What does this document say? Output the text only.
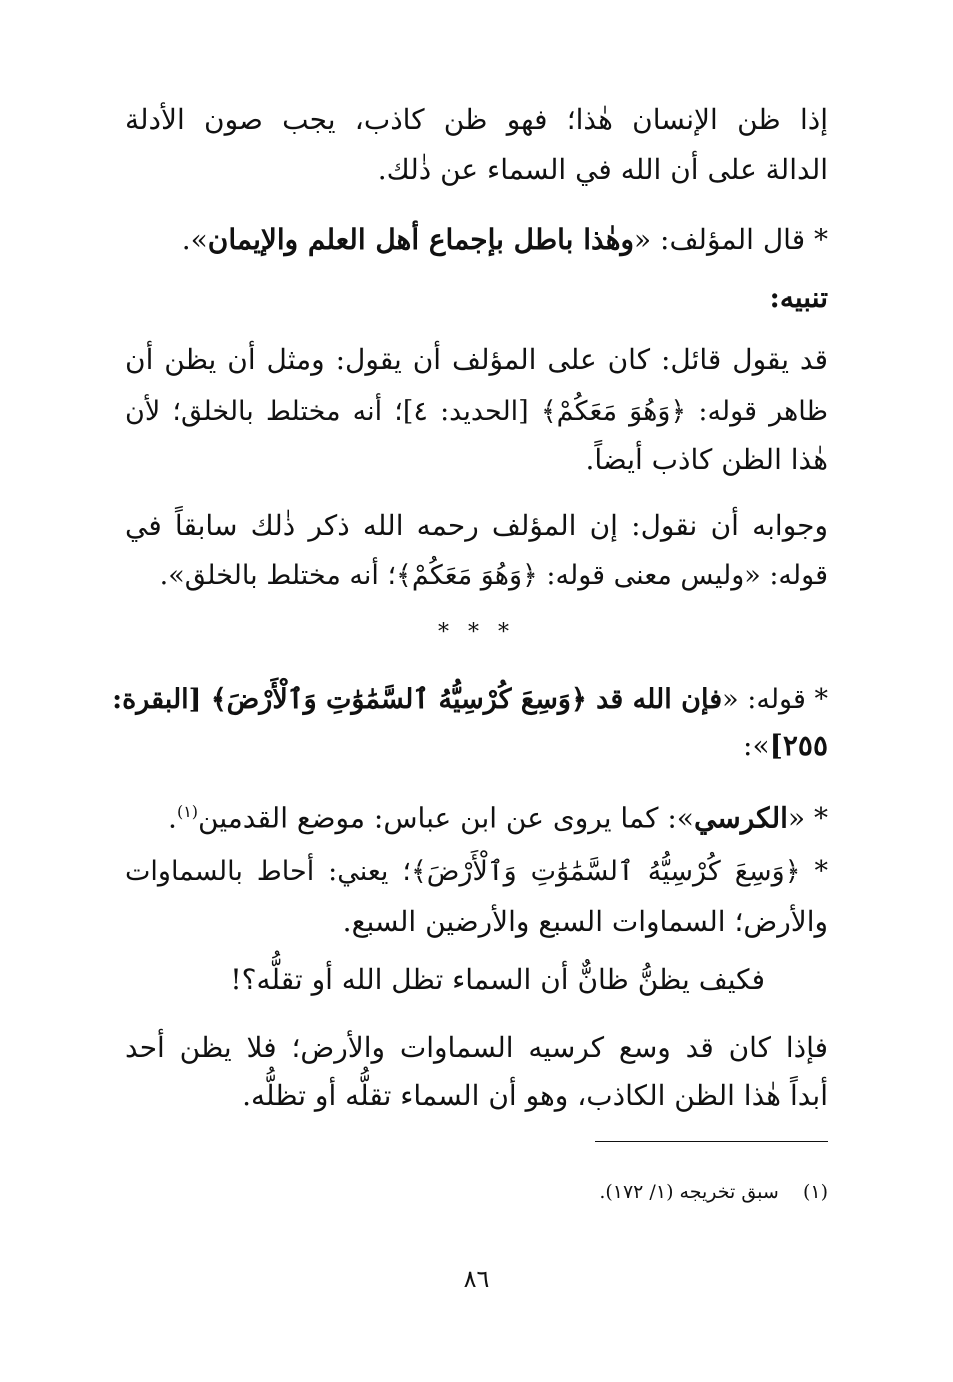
إذا ظن الإنسان هٰذا؛ فهو ظن كاذب، يجب صون الأدلة
الدالة على أن الله في السماء عن ذٰلك.
* قال المؤلف: «وهٰذا باطل بإجماع أهل العلم والإيمان».
تنبيه:
قد يقول قائل: كان على المؤلف أن يقول: ومثل أن يظن أن
ظاهر قوله: ﴿وَهُوَ مَعَكُمْ﴾ [الحديد: ٤]؛ أنه مختلط بالخلق؛ لأن
هٰذا الظن كاذب أيضاً.
وجوابه أن نقول: إن المؤلف رحمه الله ذكر ذٰلك سابقاً في
قوله: «وليس معنى قوله: ﴿وَهُوَ مَعَكُمْ﴾؛ أنه مختلط بالخلق».
* * *
* قوله: «فإن الله قد ﴿وَسِعَ كُرْسِيُّهُ ٱلسَّمَٰوَٰتِ وَٱلْأَرْضَ﴾ [البقرة:
٢٥٥]»:
* «الكرسي»: كما يروى عن ابن عباس: موضع القدمين$^{(١)}$.
* ﴿وَسِعَ كُرْسِيُّهُ ٱلسَّمَٰوَٰتِ وَٱلْأَرْضَ﴾؛ يعني: أحاط بالسماوات
والأرض؛ السماوات السبع والأرضين السبع.
فكيف يظنُّ ظانٌّ أن السماء تظل الله أو تقلُّه؟!
فإذا كان قد وسع كرسيه السماوات والأرض؛ فلا يظن أحد
أبداً هٰذا الظن الكاذب، وهو أن السماء تقلُّه أو تظلُّه.
(١)  سبق تخريجه (١/ ١٧٢).
٨٦
